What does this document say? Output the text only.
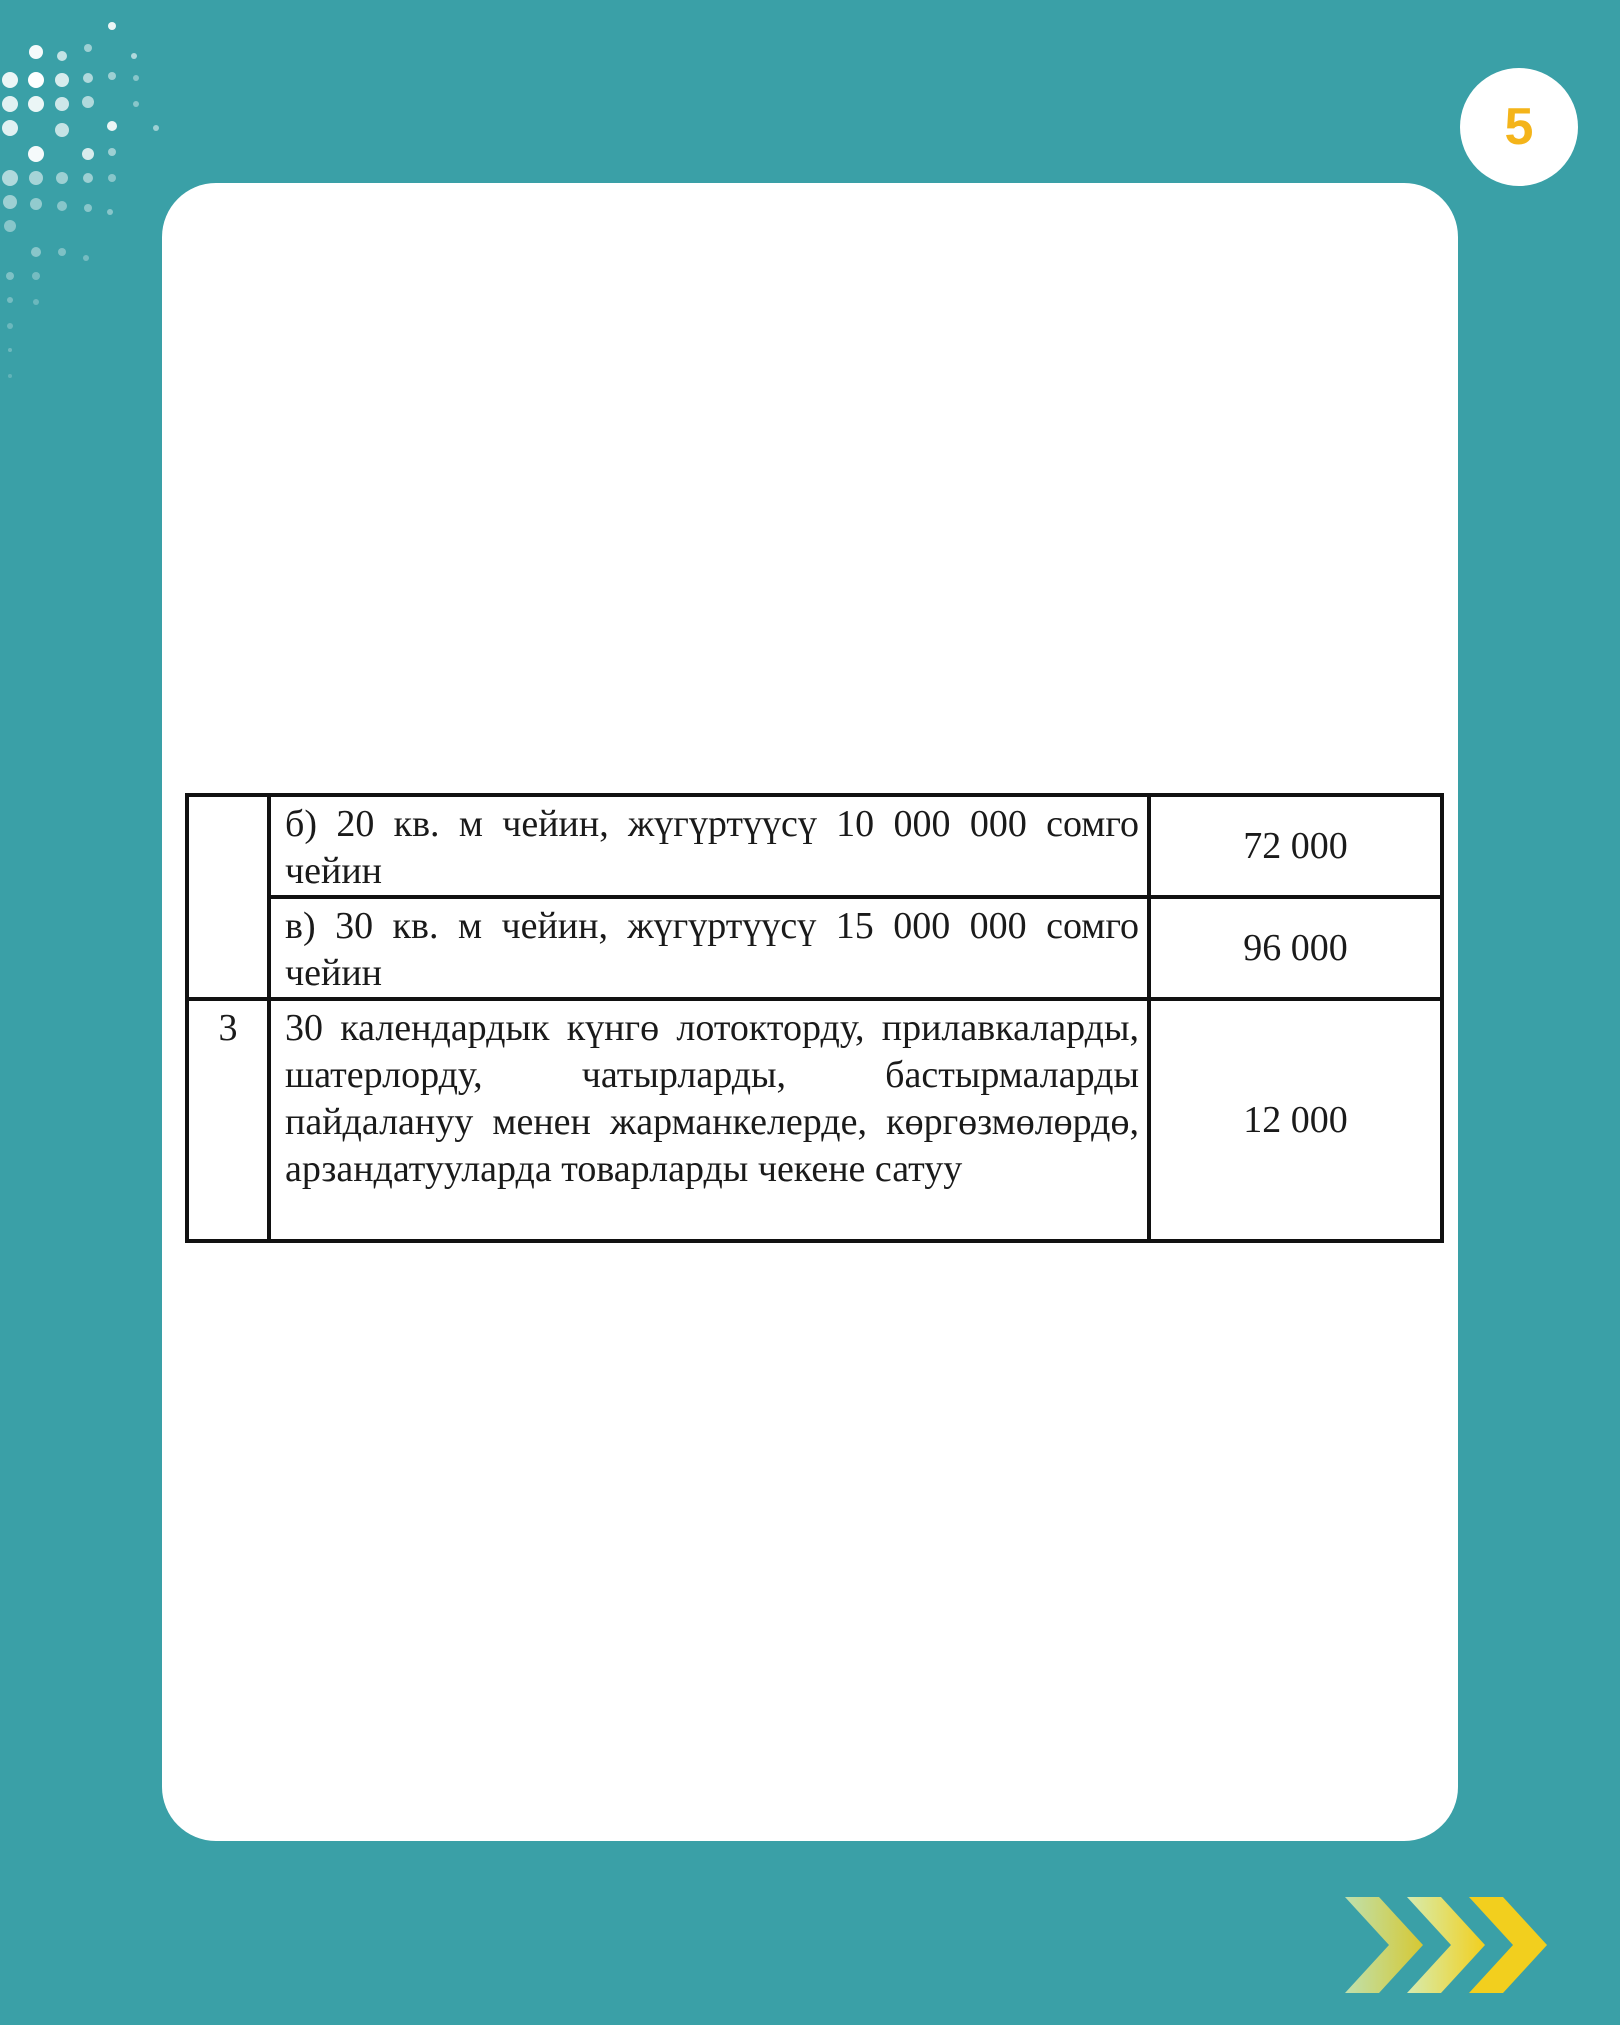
5
	б) 20 кв. м чейин, жүгүртүүсү 10 000 000 сомго чейин	72 000
	в) 30 кв. м чейин, жүгүртүүсү 15 000 000 сомго чейин	96 000
3	30 календардык күнгө лотокторду, прилавкаларды, шатерлорду, чатырларды, бастырмаларды пайдалануу менен жарманкелерде, көргөзмөлөрдө, арзандатууларда товарларды чекене сатуу	12 000
